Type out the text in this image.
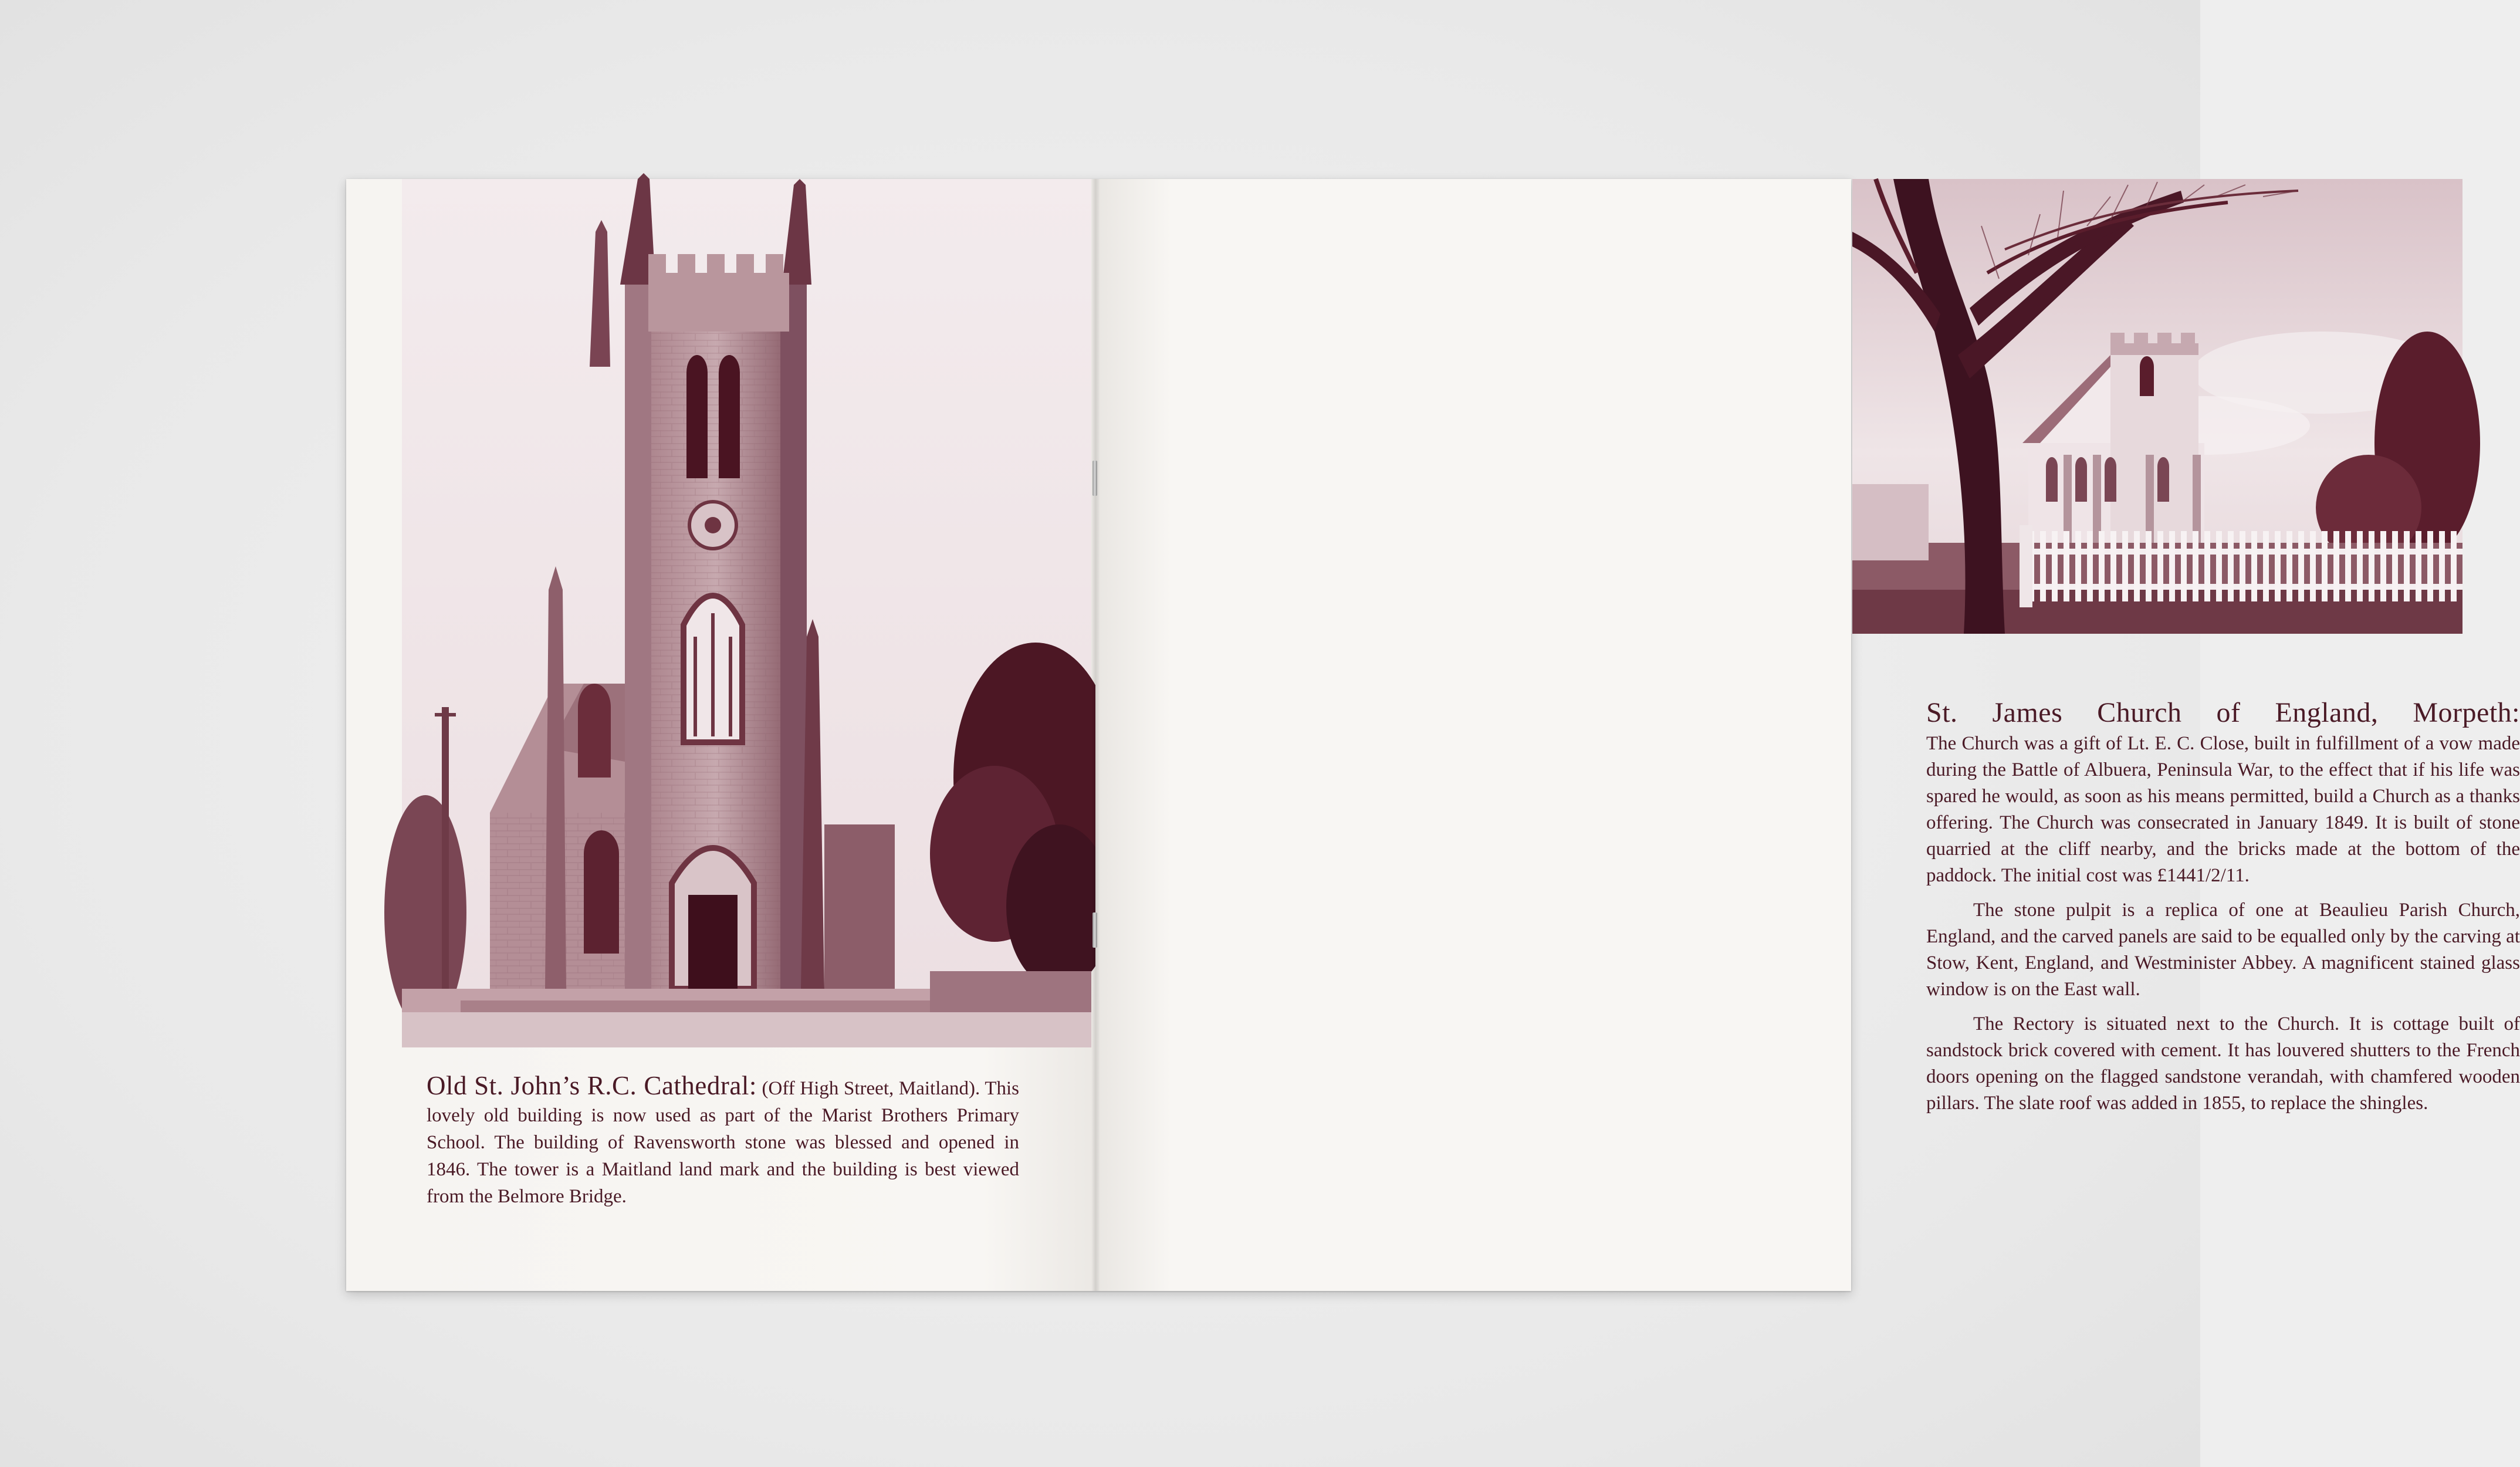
Old St. John’s R.C. Cathedral: (Off High Street, Maitland). This lovely old building is now used as part of the Marist Brothers Primary School. The building of Ravensworth stone was blessed and opened in 1846. The tower is a Maitland land mark and the building is best viewed from the Belmore Bridge.
St. James Church of England, Morpeth:

The Church was a gift of Lt. E. C. Close, built in fulfillment of a vow made during the Battle of Albuera, Peninsula War, to the effect that if his life was spared he would, as soon as his means permitted, build a Church as a thanks offering. The Church was consecrated in January 1849. It is built of stone quarried at the cliff nearby, and the bricks made at the bottom of the paddock. The initial cost was £1441/2/11.

The stone pulpit is a replica of one at Beaulieu Parish Church, England, and the carved panels are said to be equalled only by the carving at Stow, Kent, England, and Westminister Abbey. A magnificent stained glass window is on the East wall.

The Rectory is situated next to the Church. It is cottage built of sandstock brick covered with cement. It has louvered shutters to the French doors opening on the flagged sandstone verandah, with chamfered wooden pillars. The slate roof was added in 1855, to replace the shingles.
